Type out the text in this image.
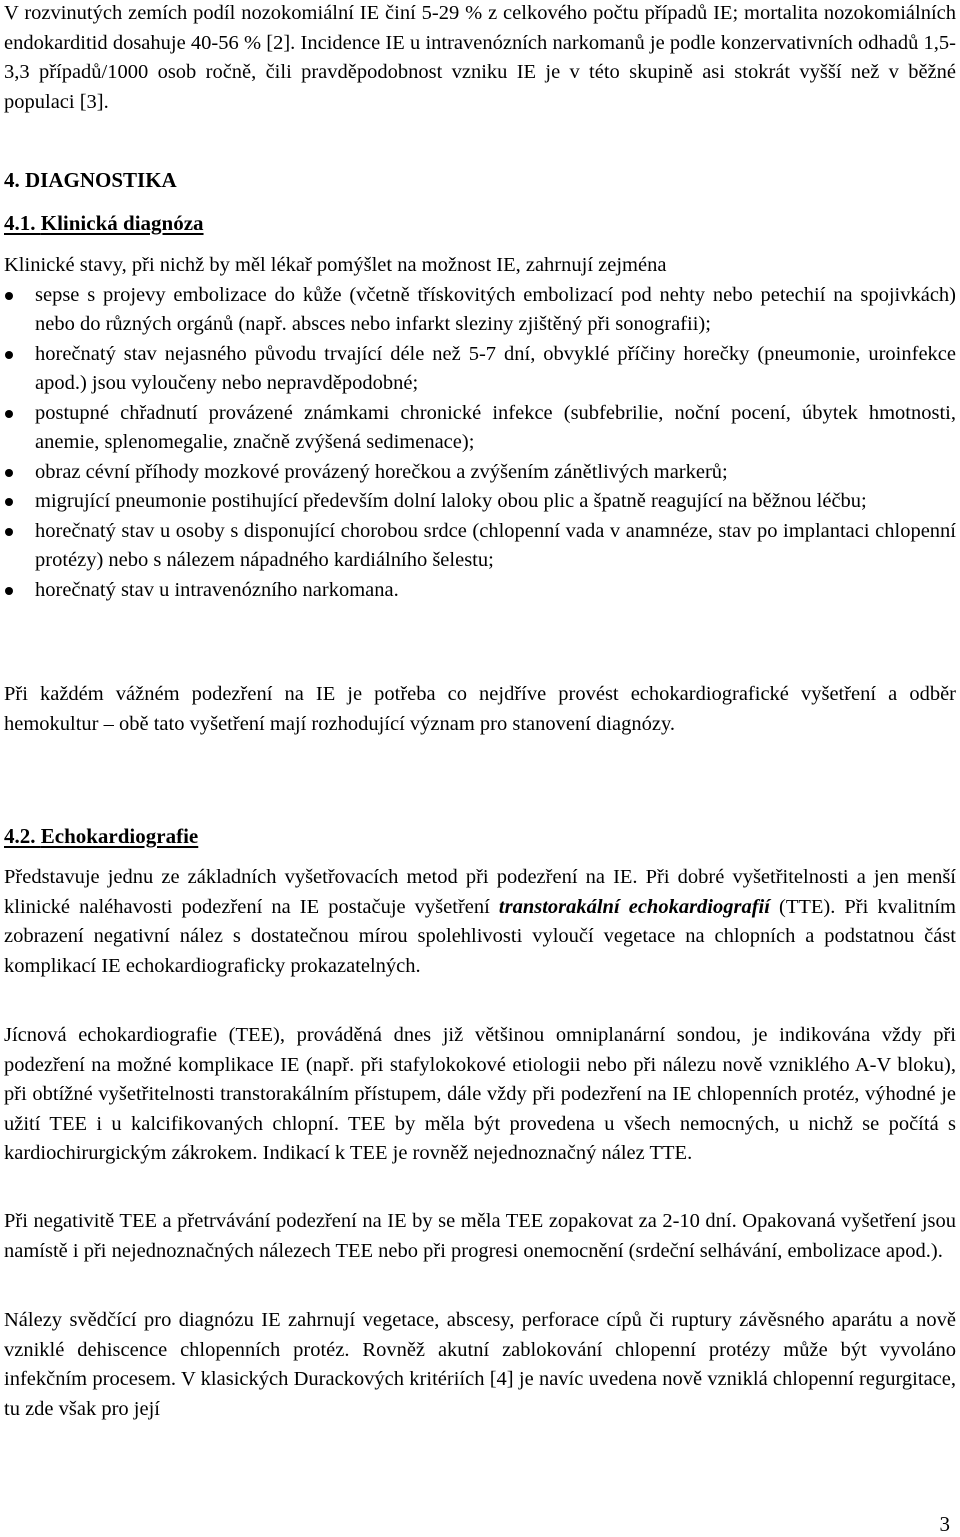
V rozvinutých zemích podíl nozokomiální IE činí 5-29 % z celkového počtu případů IE; mortalita nozokomiálních endokarditid dosahuje 40-56 % [2]. Incidence IE u intravenózních narkomanů je podle konzervativních odhadů 1,5-3,3 případů/1000 osob ročně, čili pravděpodobnost vzniku IE je v této skupině asi stokrát vyšší než v běžné populaci [3].

4. DIAGNOSTIKA
4.1. Klinická diagnóza

Klinické stavy, při nichž by měl lékař pomýšlet na možnost IE, zahrnují zejména

sepse s projevy embolizace do kůže (včetně třískovitých embolizací pod nehty nebo petechií na spojivkách) nebo do různých orgánů (např. absces nebo infarkt sleziny zjištěný při sonografii);
horečnatý stav nejasného původu trvající déle než 5-7 dní, obvyklé příčiny horečky (pneumonie, uroinfekce apod.) jsou vyloučeny nebo nepravděpodobné;
postupné chřadnutí provázené známkami chronické infekce (subfebrilie, noční pocení, úbytek hmotnosti, anemie, splenomegalie, značně zvýšená sedimenace);
obraz cévní příhody mozkové provázený horečkou a zvýšením zánětlivých markerů;
migrující pneumonie postihující především dolní laloky obou plic a špatně reagující na běžnou léčbu;
horečnatý stav u osoby s disponující chorobou srdce (chlopenní vada v anamnéze, stav po implantaci chlopenní protézy) nebo s nálezem nápadného kardiálního šelestu;
horečnatý stav u intravenózního narkomana.

Při každém vážném podezření na IE je potřeba co nejdříve provést echokardiografické vyšetření a odběr hemokultur – obě tato vyšetření mají rozhodující význam pro stanovení diagnózy.

4.2. Echokardiografie

Představuje jednu ze základních vyšetřovacích metod při podezření na IE. Při dobré vyšetřitelnosti a jen menší klinické naléhavosti podezření na IE postačuje vyšetření transtorakální echokardiografií (TTE). Při kvalitním zobrazení negativní nález s dostatečnou mírou spolehlivosti vyloučí vegetace na chlopních a podstatnou část komplikací IE echokardiograficky prokazatelných.

Jícnová echokardiografie (TEE), prováděná dnes již většinou omniplanární sondou, je indikována vždy při podezření na možné komplikace IE (např. při stafylokokové etiologii nebo při nálezu nově vzniklého A-V bloku), při obtížné vyšetřitelnosti transtorakálním přístupem, dále vždy při podezření na IE chlopenních protéz, výhodné je užití TEE i u kalcifikovaných chlopní. TEE by měla být provedena u všech nemocných, u nichž se počítá s kardiochirurgickým zákrokem. Indikací k TEE je rovněž nejednoznačný nález TTE.

Při negativitě TEE a přetrvávání podezření na IE by se měla TEE zopakovat za 2-10 dní. Opakovaná vyšetření jsou namístě i při nejednoznačných nálezech TEE nebo při progresi onemocnění (srdeční selhávání, embolizace apod.).

Nálezy svědčící pro diagnózu IE zahrnují vegetace, abscesy, perforace cípů či ruptury závěsného aparátu a nově vzniklé dehiscence chlopenních protéz. Rovněž akutní zablokování chlopenní protézy může být vyvoláno infekčním procesem. V klasických Durackových kritériích [4] je navíc uvedena nově vzniklá chlopenní regurgitace, tu zde však pro její

3
